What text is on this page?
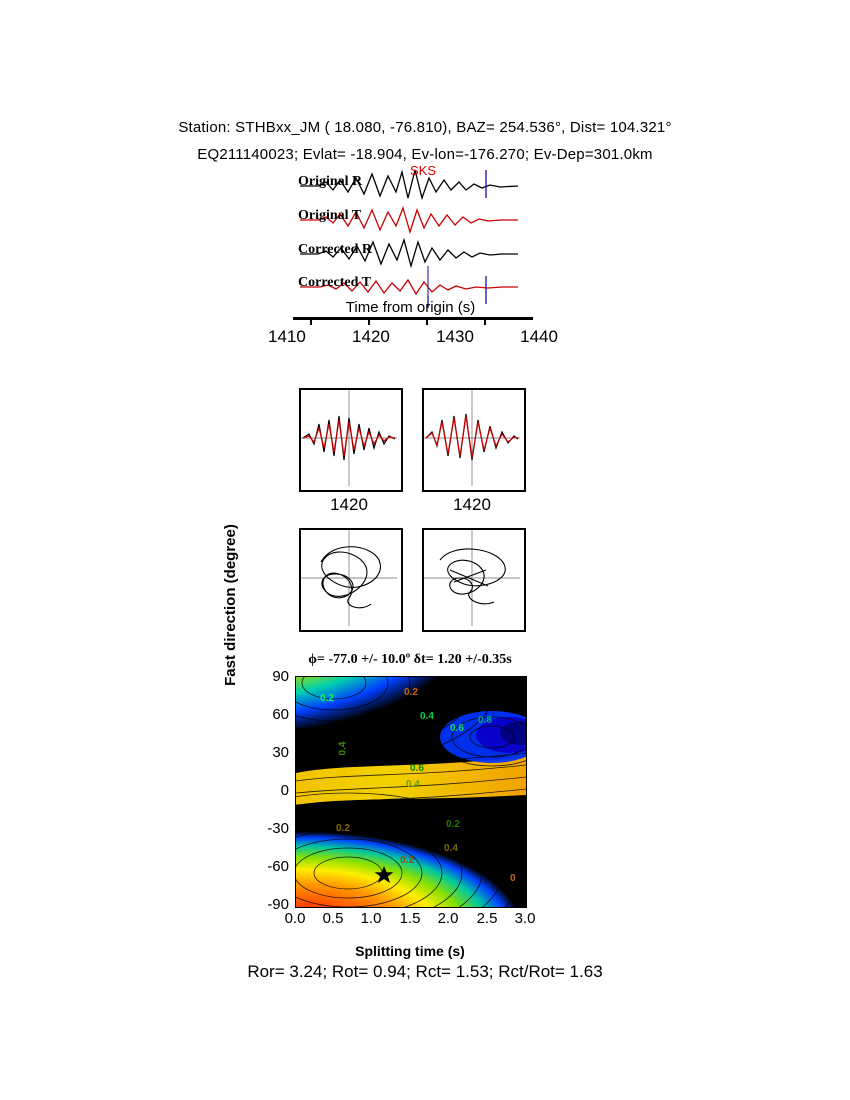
Station: STHBxx_JM ( 18.080, -76.810), BAZ= 254.536°, Dist= 104.321°
EQ211140023; Evlat= -18.904, Ev-lon=-176.270; Ev-Dep=301.0km
Original R
Original T
Corrected R
Corrected T
SKS
Time from origin (s)
1410	1420	1430	1440
1420	1420
ϕ= -77.0 +/- 10.0º δt= 1.20 +/-0.35s
Fast direction (degree)
0.2
0.2
0.4
0.6
0.8
0.4
0.6
0.4
0.2	0.2
0.4
0.2
0
90
60
30
0
-30
-60
-90
0.0	0.5	1.0	1.5	2.0	2.5	3.0
Splitting time (s)
Ror= 3.24; Rot= 0.94; Rct= 1.53; Rct/Rot= 1.63
